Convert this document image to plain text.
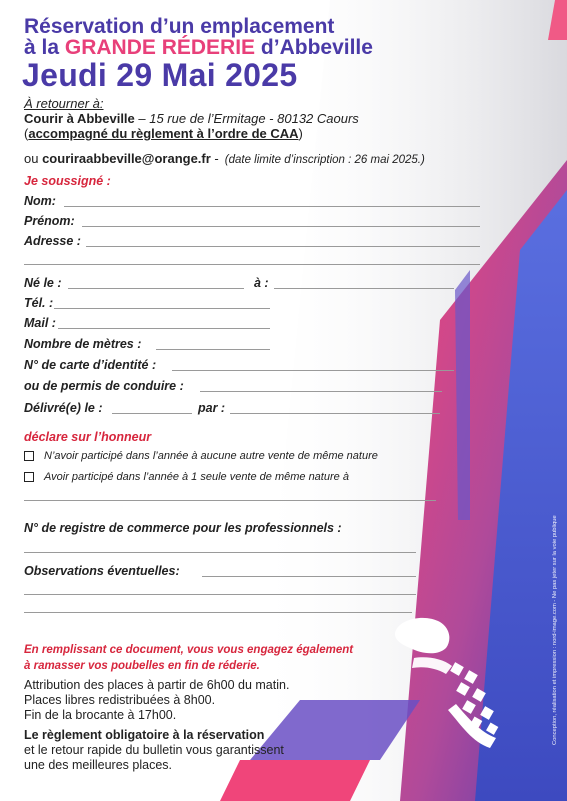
Réservation d’un emplacement
à la GRANDE RÉDERIE d’Abbeville
Jeudi 29 Mai 2025
À retourner à:
Courir à Abbeville – 15 rue de l’Ermitage - 80132 Caours
(accompagné du règlement à l’ordre de CAA)
ou couriraabbeville@orange.fr - (date limite d’inscription : 26 mai 2025.)
Je soussigné :
Nom:
Prénom:
Adresse :
Né le :	à :
Tél. :
Mail :
Nombre de mètres :
N° de carte d’identité :
ou de permis de conduire :
Délivré(e) le :	par :
déclare sur l’honneur
N’avoir participé dans l’année à aucune autre vente de même nature
Avoir participé dans l’année à 1 seule vente de même nature à
N° de registre de commerce pour les professionnels :
Observations éventuelles:
En remplissant ce document, vous vous engagez également
à ramasser vos poubelles en fin de réderie.
Attribution des places à partir de 6h00 du matin.
Places libres redistribuées à 8h00.
Fin de la brocante à 17h00.
Le règlement obligatoire à la réservation
et le retour rapide du bulletin vous garantissent
une des meilleures places.
Conception, réalisation et impression : nord-image.com - Ne pas jeter sur la voie publique
